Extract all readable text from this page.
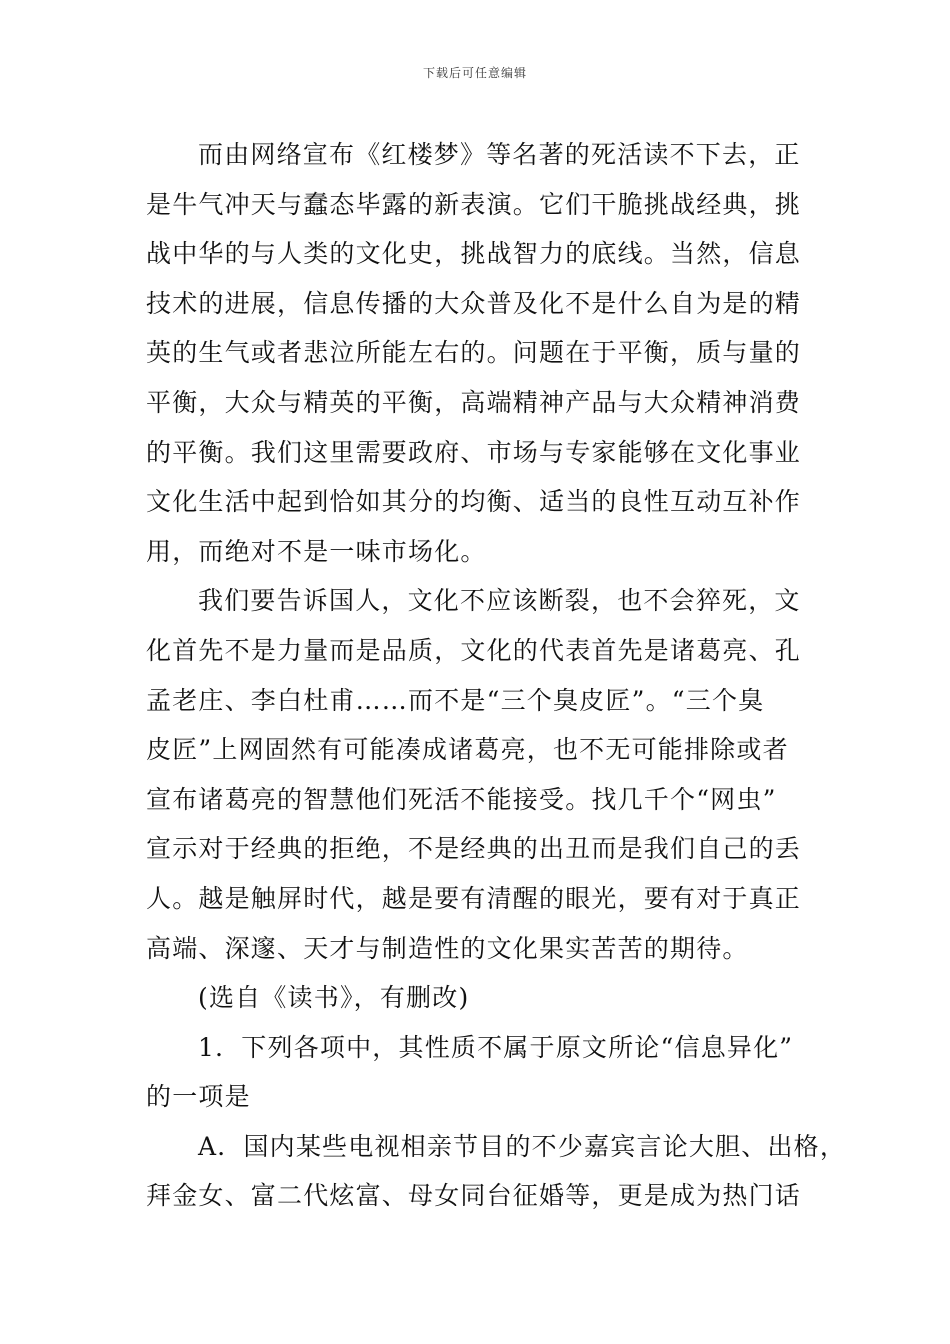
下载后可任意编辑
而由网络宣布《红楼梦》等名著的死活读不下去，正
是牛气冲天与蠢态毕露的新表演。它们干脆挑战经典，挑
战中华的与人类的文化史，挑战智力的底线。当然，信息
技术的进展，信息传播的大众普及化不是什么自为是的精
英的生气或者悲泣所能左右的。问题在于平衡，质与量的
平衡，大众与精英的平衡，高端精神产品与大众精神消费
的平衡。我们这里需要政府、市场与专家能够在文化事业
文化生活中起到恰如其分的均衡、适当的良性互动互补作
用，而绝对不是一味市场化。
我们要告诉国人，文化不应该断裂，也不会猝死，文
化首先不是力量而是品质，文化的代表首先是诸葛亮、孔
孟老庄、李白杜甫……而不是“三个臭皮匠”。“三个臭
皮匠”上网固然有可能凑成诸葛亮，也不无可能排除或者
宣布诸葛亮的智慧他们死活不能接受。找几千个“网虫”
宣示对于经典的拒绝，不是经典的出丑而是我们自己的丢
人。越是触屏时代，越是要有清醒的眼光，要有对于真正
高端、深邃、天才与制造性的文化果实苦苦的期待。
(选自《读书》，有删改)
1．下列各项中，其性质不属于原文所论“信息异化”
的一项是
A．国内某些电视相亲节目的不少嘉宾言论大胆、出格，
拜金女、富二代炫富、母女同台征婚等，更是成为热门话
